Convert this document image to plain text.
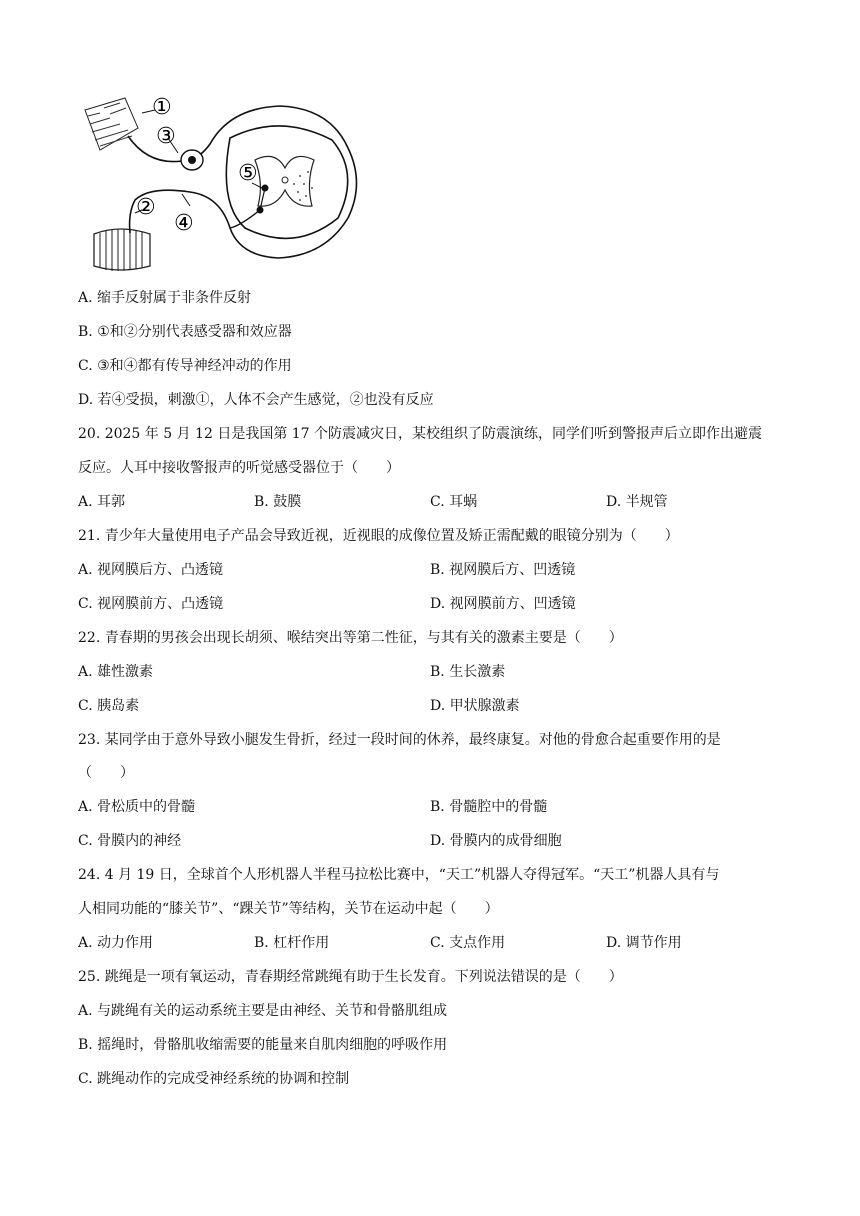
①
③
②
④
⑤
A. 缩手反射属于非条件反射
B. ①和②分别代表感受器和效应器
C. ③和④都有传导神经冲动的作用
D. 若④受损，刺激①，人体不会产生感觉，②也没有反应
20. 2025 年 5 月 12 日是我国第 17 个防震减灾日，某校组织了防震演练，同学们听到警报声后立即作出避震
反应。人耳中接收警报声的听觉感受器位于（　　）
A. 耳郭	B. 鼓膜	C. 耳蜗	D. 半规管
21. 青少年大量使用电子产品会导致近视，近视眼的成像位置及矫正需配戴的眼镜分别为（　　）
A. 视网膜后方、凸透镜	B. 视网膜后方、凹透镜
C. 视网膜前方、凸透镜	D. 视网膜前方、凹透镜
22. 青春期的男孩会出现长胡须、喉结突出等第二性征，与其有关的激素主要是（　　）
A. 雄性激素	B. 生长激素
C. 胰岛素	D. 甲状腺激素
23. 某同学由于意外导致小腿发生骨折，经过一段时间的休养，最终康复。对他的骨愈合起重要作用的是
（　　）
A. 骨松质中的骨髓	B. 骨髓腔中的骨髓
C. 骨膜内的神经	D. 骨膜内的成骨细胞
24. 4 月 19 日，全球首个人形机器人半程马拉松比赛中，“天工”机器人夺得冠军。“天工”机器人具有与
人相同功能的“膝关节”、“踝关节”等结构，关节在运动中起（　　）
A. 动力作用	B. 杠杆作用	C. 支点作用	D. 调节作用
25. 跳绳是一项有氧运动，青春期经常跳绳有助于生长发育。下列说法错误的是（　　）
A. 与跳绳有关的运动系统主要是由神经、关节和骨骼肌组成
B. 摇绳时，骨骼肌收缩需要的能量来自肌肉细胞的呼吸作用
C. 跳绳动作的完成受神经系统的协调和控制
